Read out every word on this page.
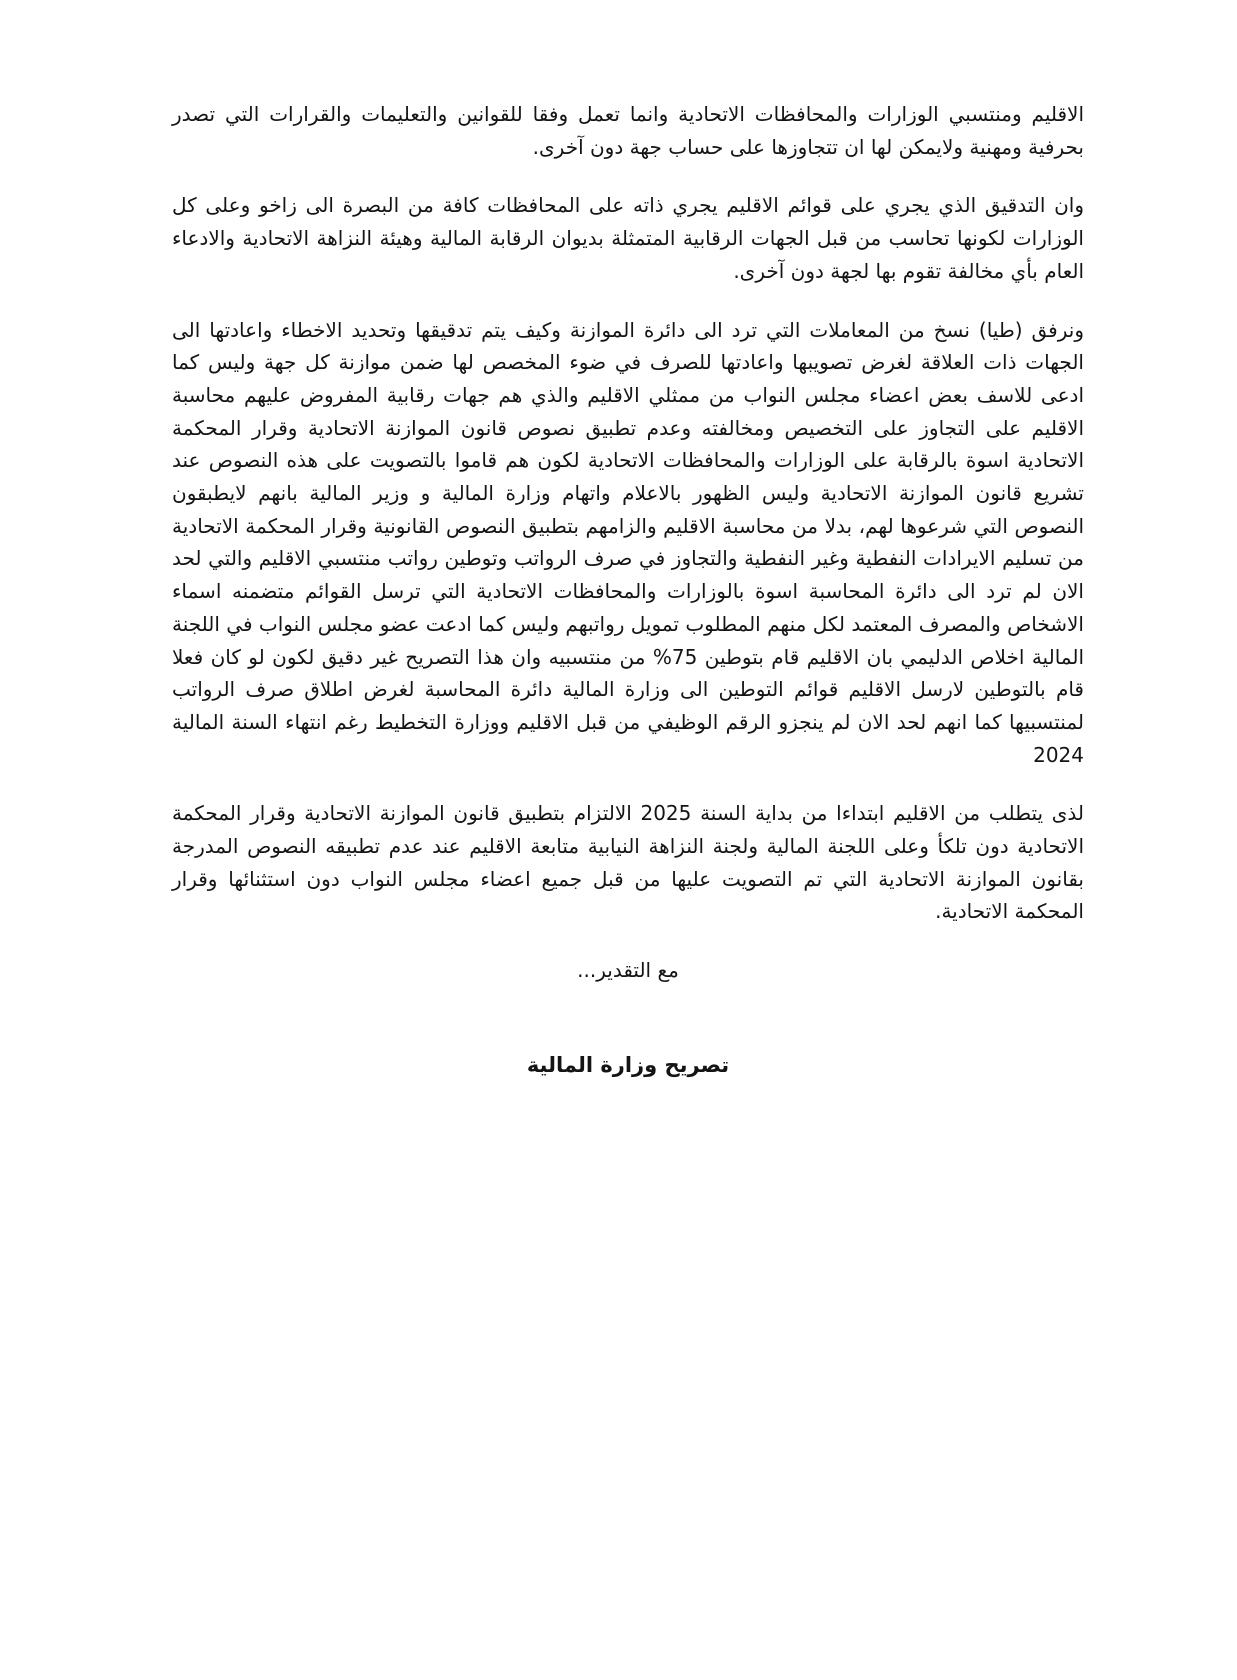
الاقليم ومنتسبي الوزارات والمحافظات الاتحادية وانما تعمل وفقا للقوانين والتعليمات والقرارات التي تصدر بحرفية ومهنية ولايمكن لها ان تتجاوزها على حساب جهة دون آخرى.

وان التدقيق الذي يجري على قوائم الاقليم يجري ذاته على المحافظات كافة من البصرة الى زاخو وعلى كل الوزارات لكونها تحاسب من قبل الجهات الرقابية المتمثلة بديوان الرقابة المالية وهيئة النزاهة الاتحادية والادعاء العام بأي مخالفة تقوم بها لجهة دون آخرى.

ونرفق (طيا) نسخ من المعاملات التي ترد الى دائرة الموازنة وكيف يتم تدقيقها وتحديد الاخطاء واعادتها الى الجهات ذات العلاقة لغرض تصويبها واعادتها للصرف في ضوء المخصص لها ضمن موازنة كل جهة وليس كما ادعى للاسف بعض اعضاء مجلس النواب من ممثلي الاقليم والذي هم جهات رقابية المفروض عليهم محاسبة الاقليم على التجاوز على التخصيص ومخالفته وعدم تطبيق نصوص قانون الموازنة الاتحادية وقرار المحكمة الاتحادية اسوة بالرقابة على الوزارات والمحافظات الاتحادية لكون هم قاموا بالتصويت على هذه النصوص عند تشريع قانون الموازنة الاتحادية وليس الظهور بالاعلام واتهام وزارة المالية و وزير المالية بانهم لايطبقون النصوص التي شرعوها لهم، بدلا من محاسبة الاقليم والزامهم بتطبيق النصوص القانونية وقرار المحكمة الاتحادية من تسليم الايرادات النفطية وغير النفطية والتجاوز في صرف الرواتب وتوطين رواتب منتسبي الاقليم والتي لحد الان لم ترد الى دائرة المحاسبة اسوة بالوزارات والمحافظات الاتحادية التي ترسل القوائم متضمنه اسماء الاشخاص والمصرف المعتمد لكل منهم المطلوب تمويل رواتبهم وليس كما ادعت عضو مجلس النواب في اللجنة المالية اخلاص الدليمي بان الاقليم قام بتوطين 75% من منتسبيه وان هذا التصريح غير دقيق لكون لو كان فعلا قام بالتوطين لارسل الاقليم قوائم التوطين الى وزارة المالية دائرة المحاسبة لغرض اطلاق صرف الرواتب لمنتسبيها كما انهم لحد الان لم ينجزو الرقم الوظيفي من قبل الاقليم ووزارة التخطيط رغم انتهاء السنة المالية 2024

لذى يتطلب من الاقليم ابتداءا من بداية السنة 2025 الالتزام بتطبيق قانون الموازنة الاتحادية وقرار المحكمة الاتحادية دون تلكأ وعلى اللجنة المالية ولجنة النزاهة النيابية متابعة الاقليم عند عدم تطبيقه النصوص المدرجة بقانون الموازنة الاتحادية التي تم التصويت عليها من قبل جميع اعضاء مجلس النواب دون استثنائها وقرار المحكمة الاتحادية.

مع التقدير...
تصريح وزارة المالية
